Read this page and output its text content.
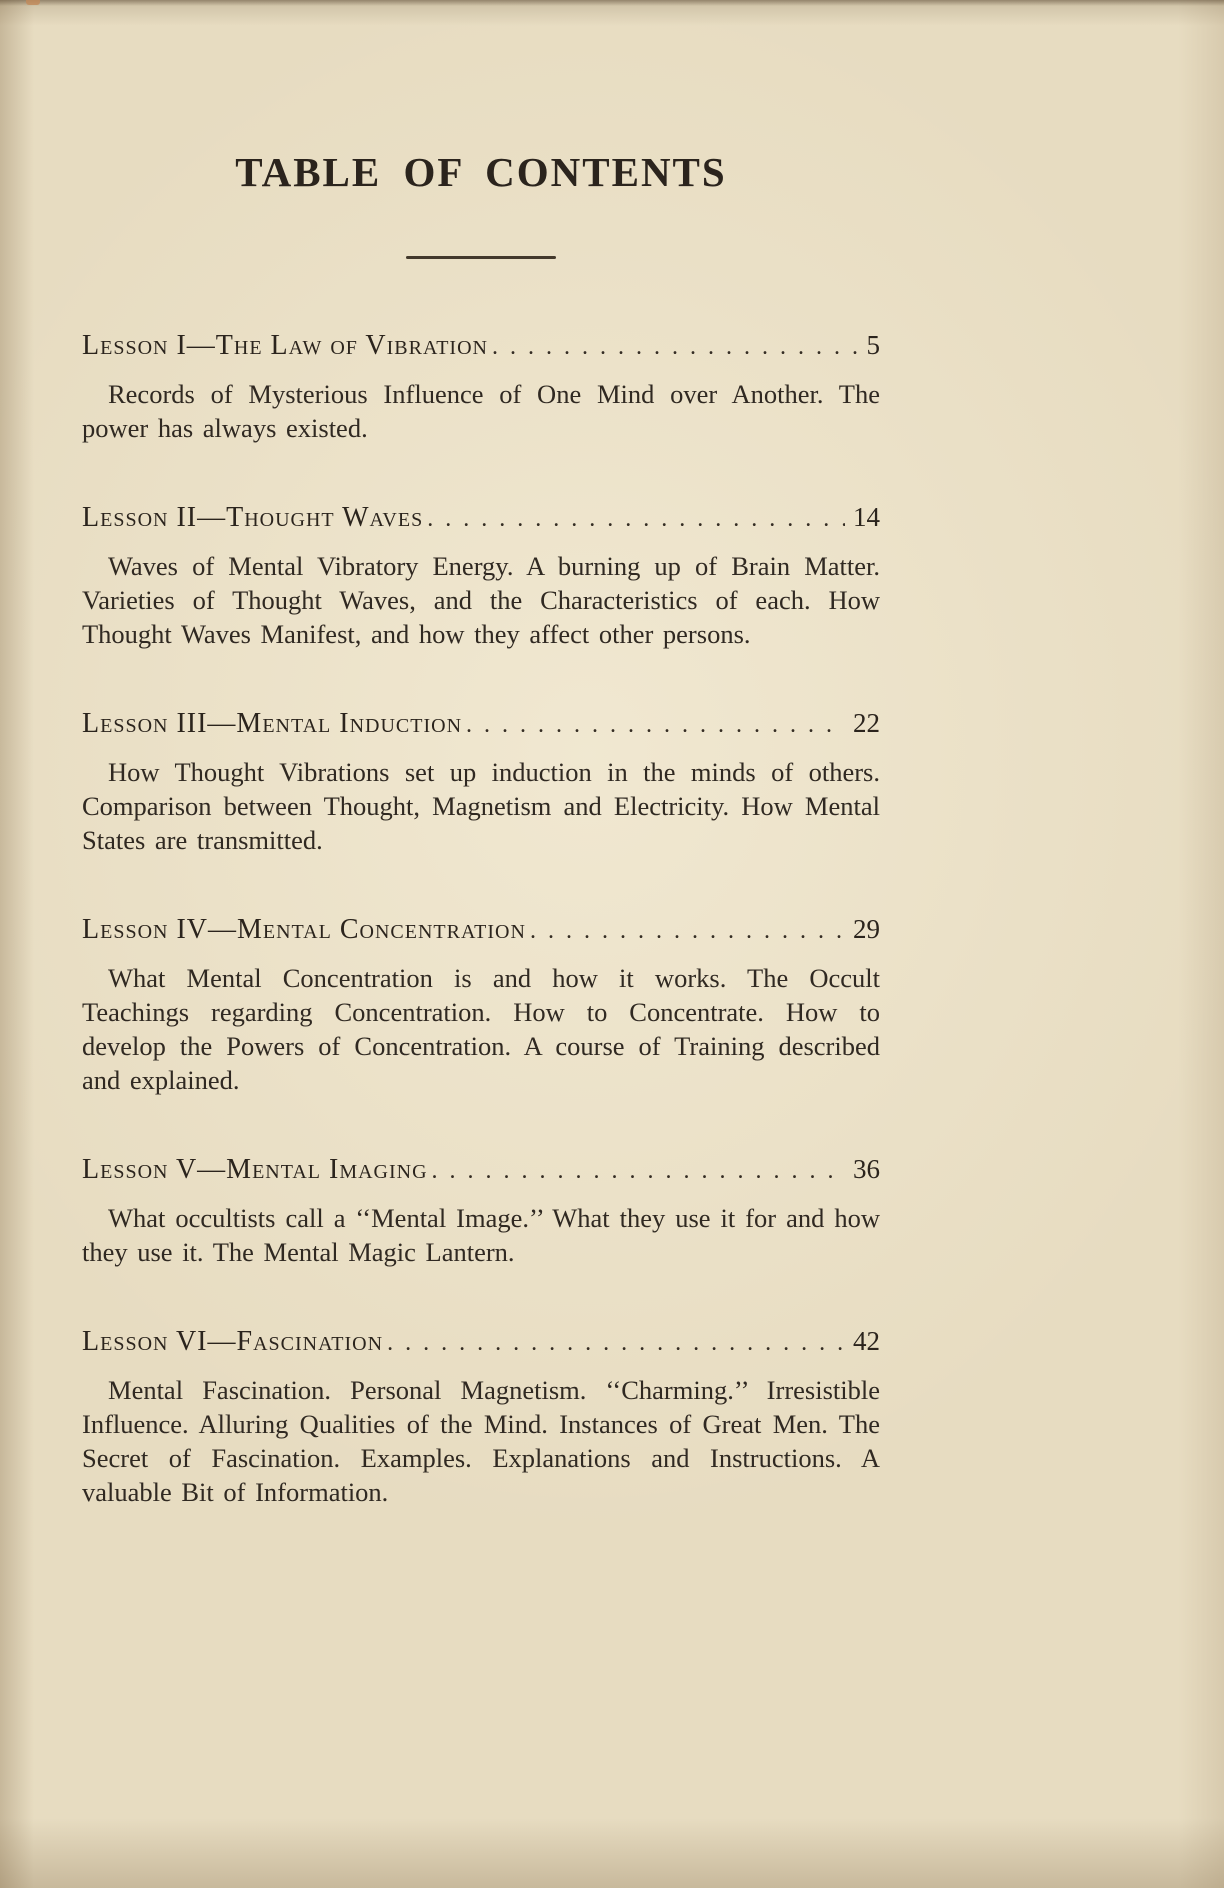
TABLE OF CONTENTS
Lesson I—The Law of Vibration . . .	5

Records of Mysterious Influence of One Mind over Another. The power has always existed.

Lesson II—Thought Waves . . .	14

Waves of Mental Vibratory Energy. A burning up of Brain Matter. Varieties of Thought Waves, and the Characteristics of each. How Thought Waves Manifest, and how they affect other persons.

Lesson III—Mental Induction . . .	22

How Thought Vibrations set up induction in the minds of others. Comparison between Thought, Magnetism and Electricity. How Mental States are transmitted.

Lesson IV—Mental Concentration . . .	29

What Mental Concentration is and how it works. The Occult Teachings regarding Concentration. How to Concentrate. How to develop the Powers of Concentration. A course of Training described and explained.

Lesson V—Mental Imaging . . .	36

What occultists call a ‘‘Mental Image.’’ What they use it for and how they use it. The Mental Magic Lantern.

Lesson VI—Fascination . . .	42

Mental Fascination. Personal Magnetism. ‘‘Charming.’’ Irresistible Influence. Alluring Qualities of the Mind. Instances of Great Men. The Secret of Fascination. Examples. Explanations and Instructions. A valuable Bit of Information.
